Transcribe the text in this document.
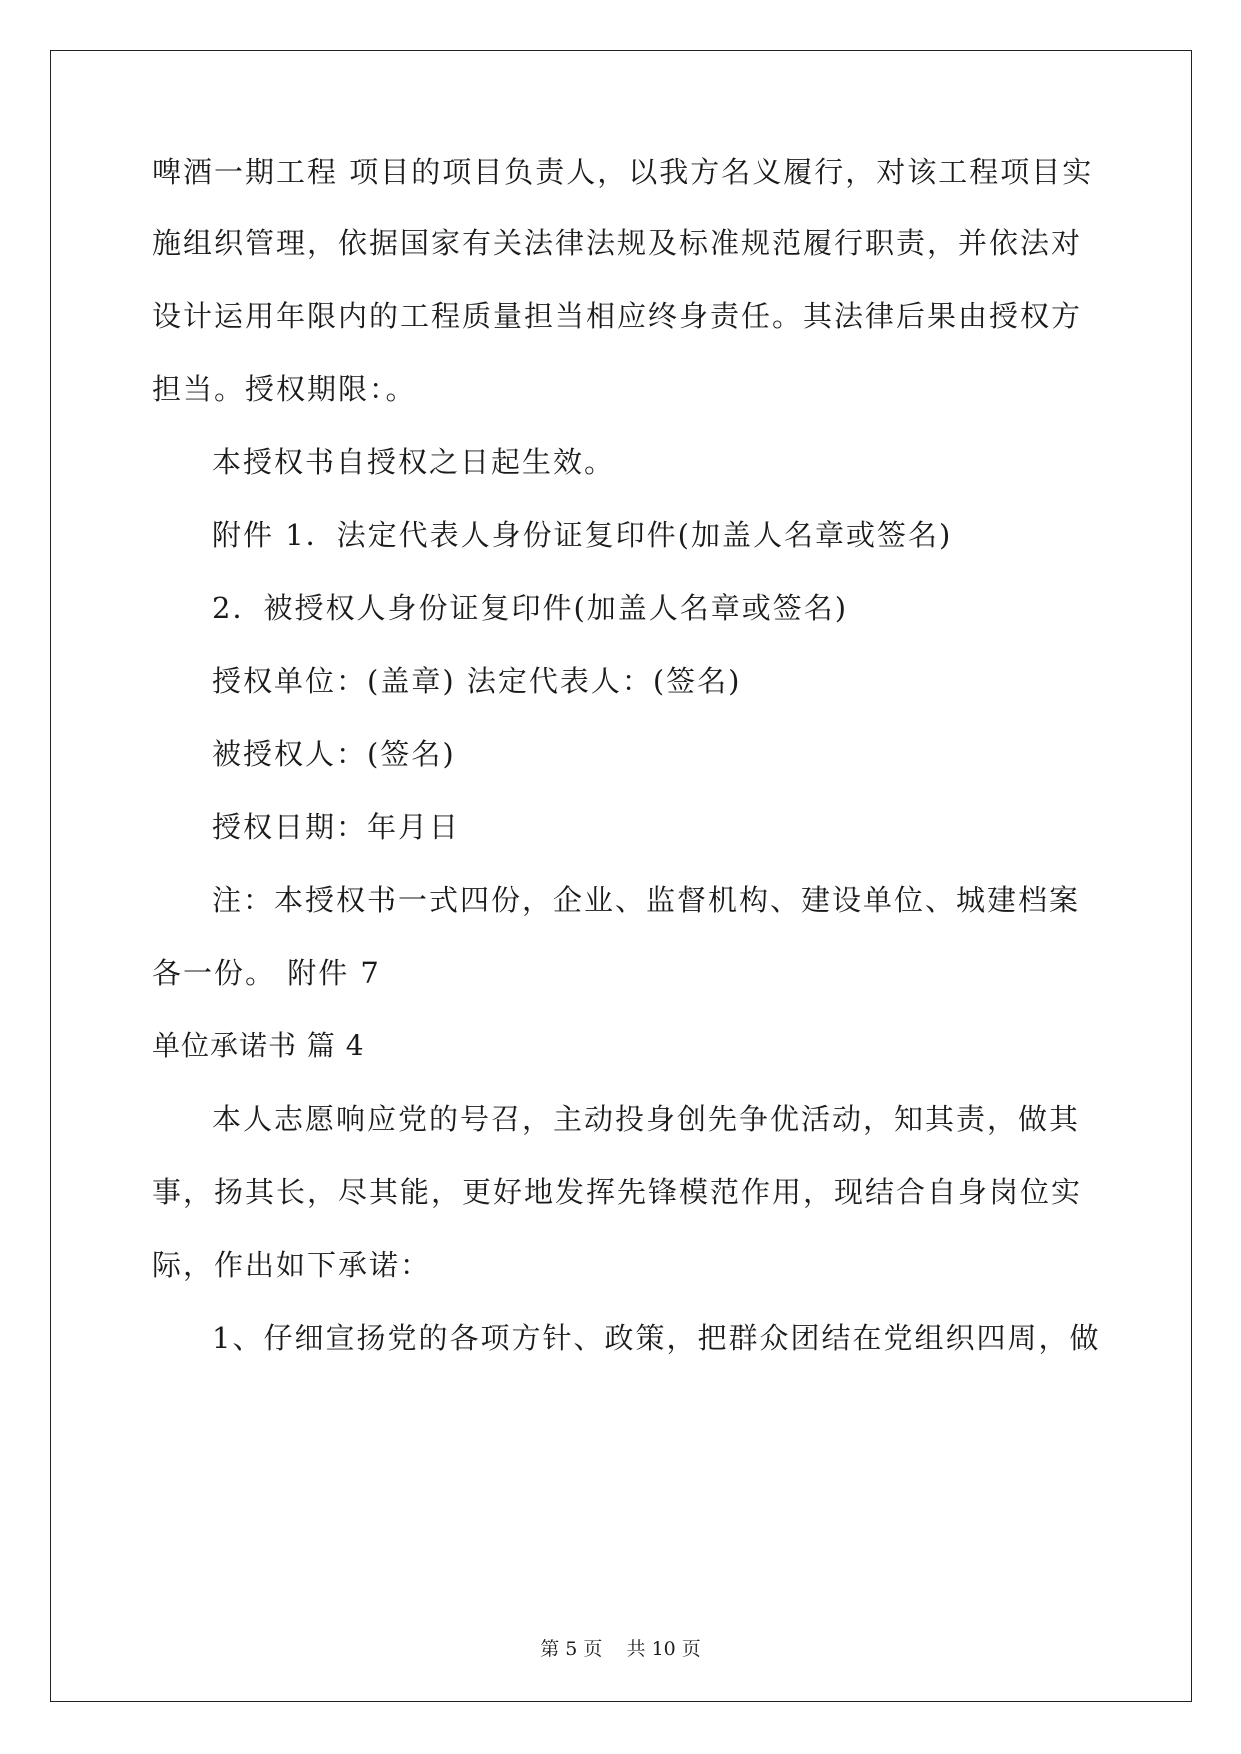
啤酒一期工程 项目的项目负责人，以我方名义履行，对该工程项目实
施组织管理，依据国家有关法律法规及标准规范履行职责，并依法对
设计运用年限内的工程质量担当相应终身责任。其法律后果由授权方
担当。授权期限：。
本授权书自授权之日起生效。
附件 1．法定代表人身份证复印件(加盖人名章或签名)
2．被授权人身份证复印件(加盖人名章或签名)
授权单位：(盖章) 法定代表人：(签名)
被授权人：(签名)
授权日期：年月日
注：本授权书一式四份，企业、监督机构、建设单位、城建档案
各一份。 附件 7
单位承诺书 篇 4
本人志愿响应党的号召，主动投身创先争优活动，知其责，做其
事，扬其长，尽其能，更好地发挥先锋模范作用，现结合自身岗位实
际，作出如下承诺：
1、仔细宣扬党的各项方针、政策，把群众团结在党组织四周，做
第 5 页 共 10 页
